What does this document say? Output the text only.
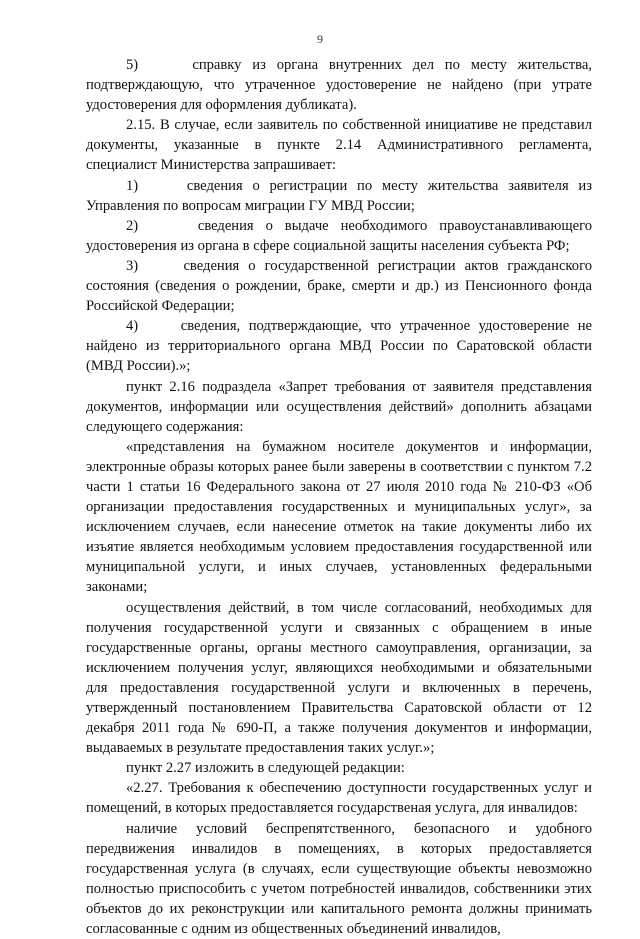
9

5)     справку из органа внутренних дел по месту жительства, подтверждающую, что утраченное удостоверение не найдено (при утрате удостоверения для оформления дубликата).

2.15. В случае, если заявитель по собственной инициативе не представил документы, указанные в пункте 2.14 Административного регламента, специалист Министерства запрашивает:

1)     сведения о регистрации по месту жительства заявителя из Управления по вопросам миграции ГУ МВД России;

2)     сведения о выдаче необходимого правоустанавливающего удостоверения из органа в сфере социальной защиты населения субъекта РФ;

3)     сведения о государственной регистрации актов гражданского состояния (сведения о рождении, браке, смерти и др.) из Пенсионного фонда Российской Федерации;

4)     сведения, подтверждающие, что утраченное удостоверение не найдено из территориального органа МВД России по Саратовской области (МВД России).»;

пункт 2.16 подраздела «Запрет требования от заявителя представления документов, информации или осуществления действий» дополнить абзацами следующего содержания:

«представления на бумажном носителе документов и информации, электронные образы которых ранее были заверены в соответствии с пунктом 7.2 части 1 статьи 16 Федерального закона от 27 июля 2010 года № 210-ФЗ «Об организации предоставления государственных и муниципальных услуг», за исключением случаев, если нанесение отметок на такие документы либо их изъятие является необходимым условием предоставления государственной или муниципальной услуги, и иных случаев, установленных федеральными законами;

осуществления действий, в том числе согласований, необходимых для получения государственной услуги и связанных с обращением в иные государственные органы, органы местного самоуправления, организации, за исключением получения услуг, являющихся необходимыми и обязательными для предоставления государственной услуги и включенных в перечень, утвержденный постановлением Правительства Саратовской области от 12 декабря 2011 года № 690-П, а также получения документов и информации, выдаваемых в результате предоставления таких услуг.»;

пункт 2.27 изложить в следующей редакции:

«2.27. Требования к обеспечению доступности государственных услуг и помещений, в которых предоставляется государственая услуга, для инвалидов:

наличие условий беспрепятственного, безопасного и удобного передвижения инвалидов в помещениях, в которых предоставляется государственная услуга (в случаях, если существующие объекты невозможно полностью приспособить с учетом потребностей инвалидов, собственники этих объектов до их реконструкции или капитального ремонта должны принимать согласованные с одним из общественных объединений инвалидов,
